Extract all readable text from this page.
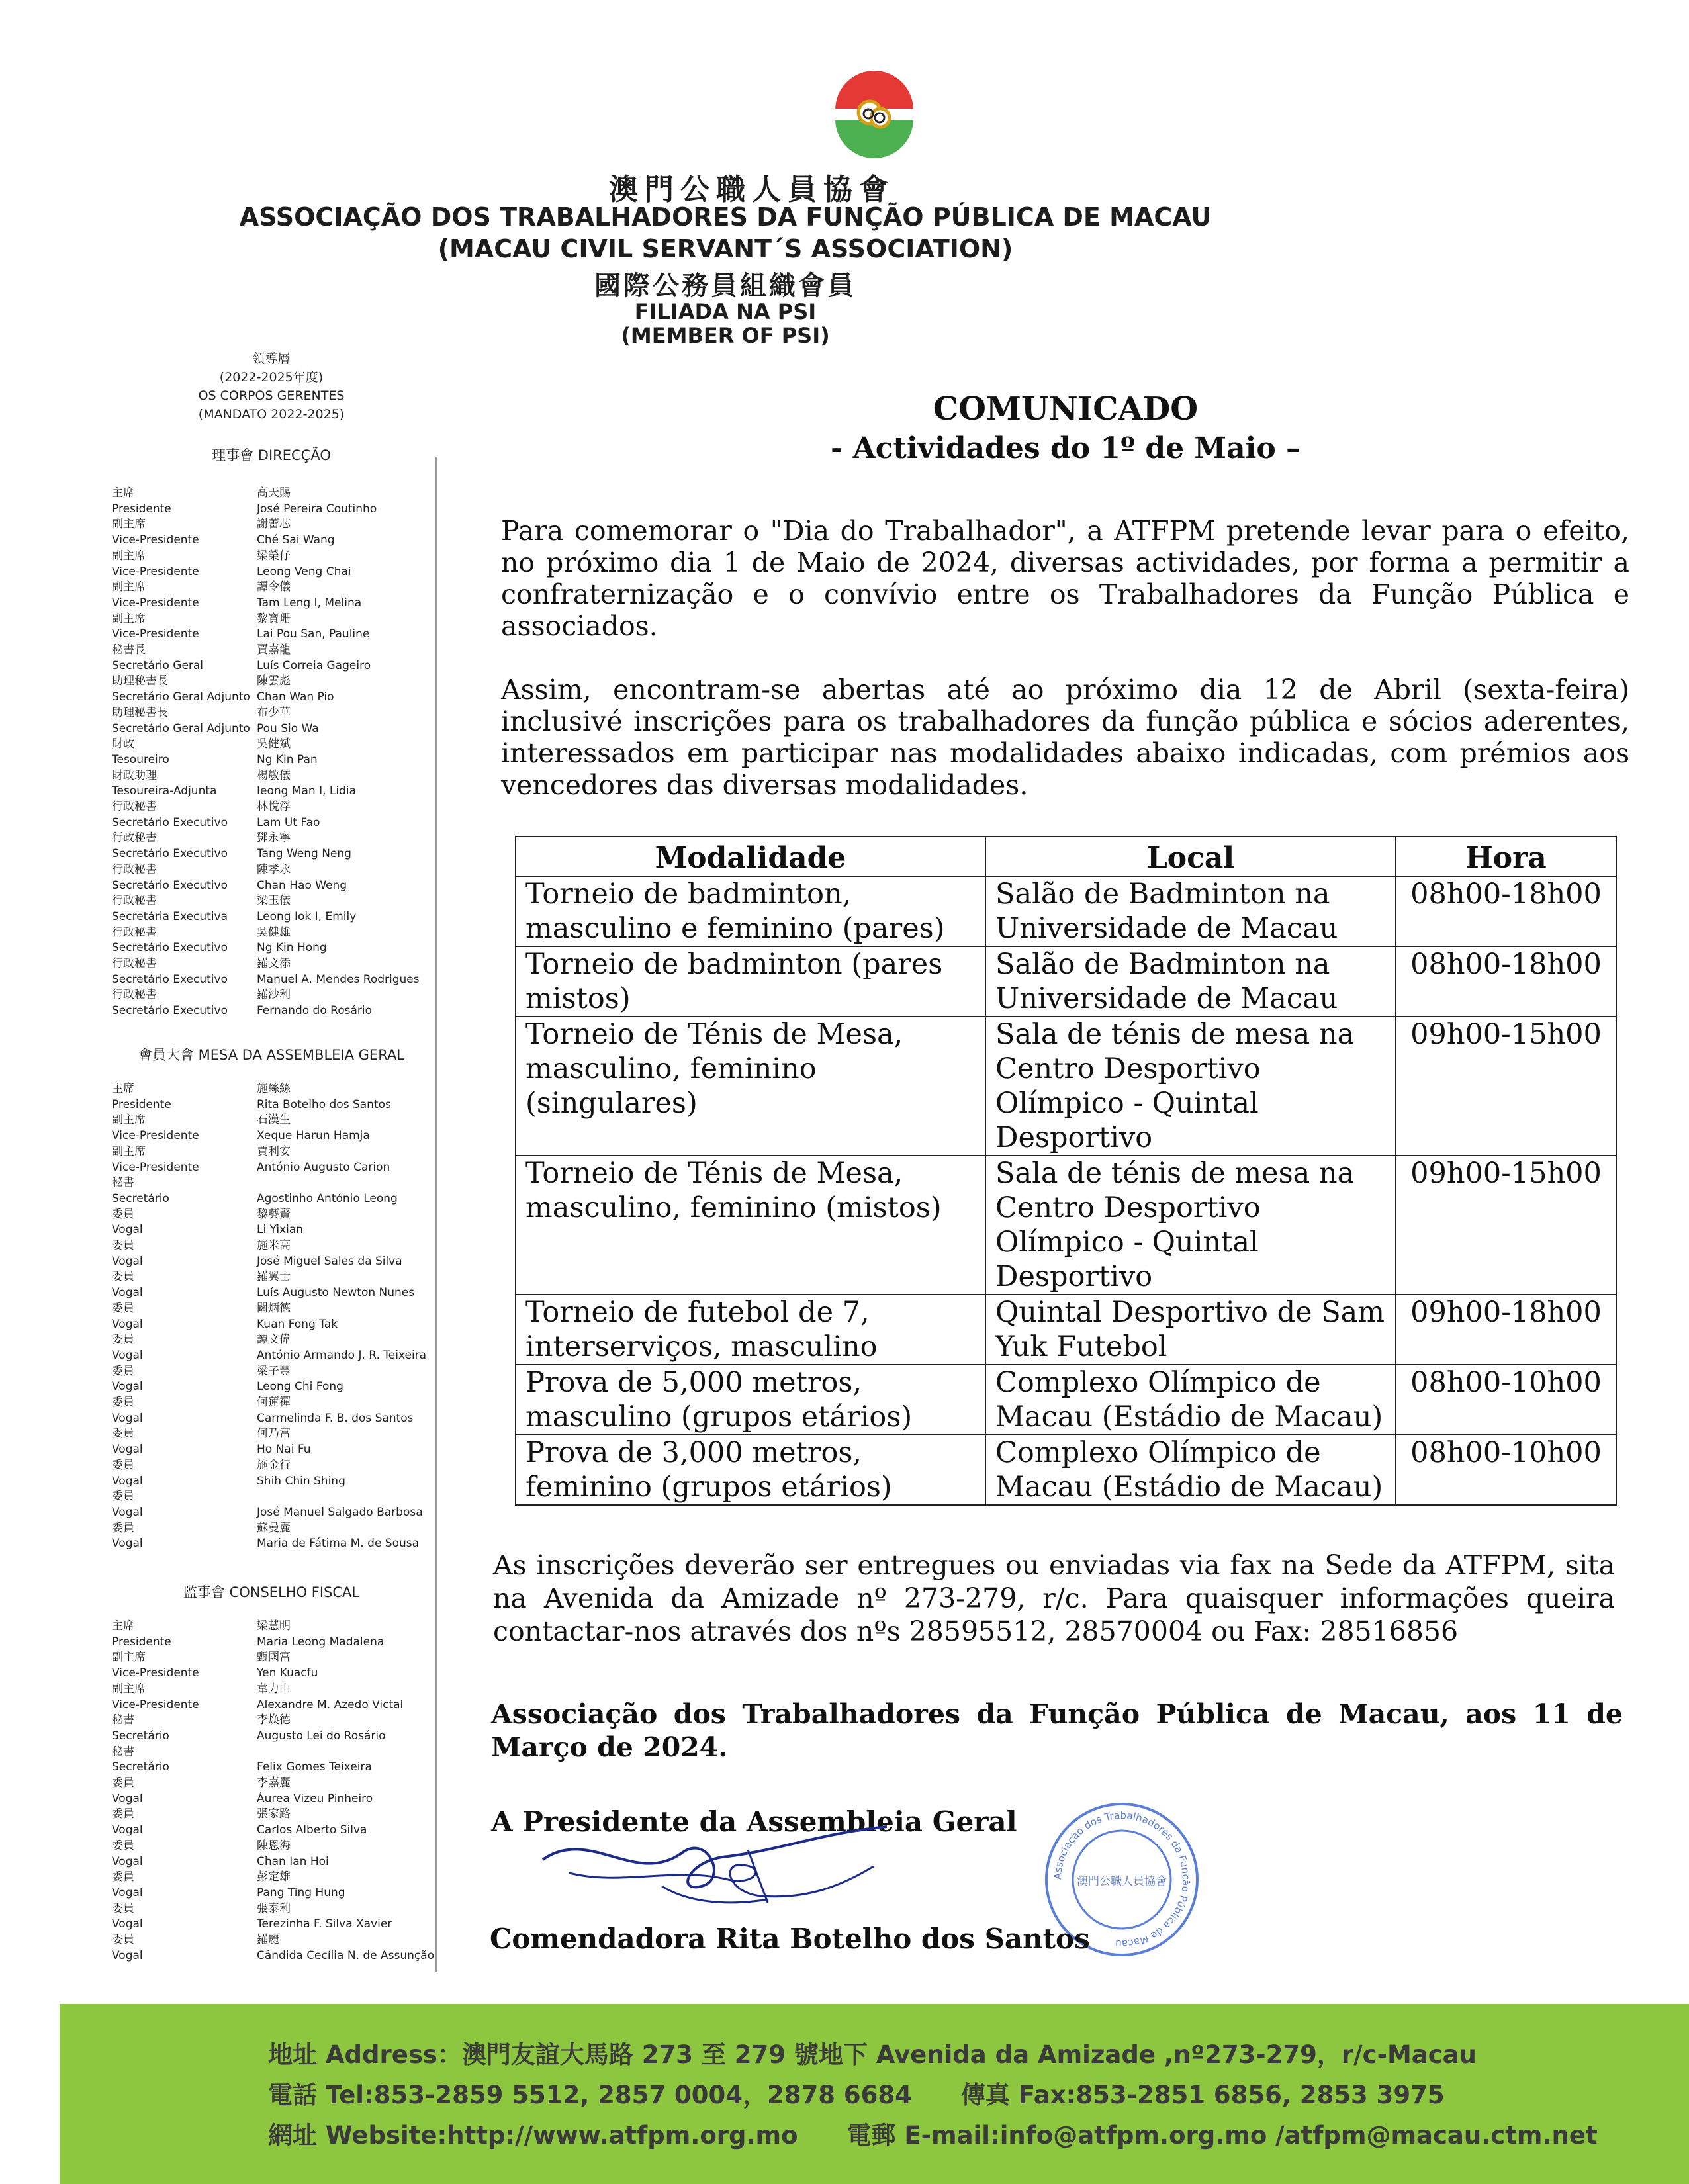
澳門公職人員協會
ASSOCIAÇÃO DOS TRABALHADORES DA FUNÇÃO PÚBLICA DE MACAU
(MACAU CIVIL SERVANT´S ASSOCIATION)
國際公務員組織會員
FILIADA NA PSI
(MEMBER OF PSI)
領導層
(2022-2025年度)
OS CORPOS GERENTES
(MANDATO 2022-2025)
理事會 DIRECÇÃO
主席	高天賜
Presidente	José Pereira Coutinho
副主席	謝蕾芯
Vice-Presidente	Ché Sai Wang
副主席	梁榮仔
Vice-Presidente	Leong Veng Chai
副主席	譚令儀
Vice-Presidente	Tam Leng I, Melina
副主席	黎寶珊
Vice-Presidente	Lai Pou San, Pauline
秘書長	賈嘉龍
Secretário Geral	Luís Correia Gageiro
助理秘書長	陳雲彪
Secretário Geral Adjunto Chan Wan Pio
助理秘書長	布少華
Secretário Geral Adjunto Pou Sio Wa
財政	吳健斌
Tesoureiro	Ng Kin Pan
財政助理	楊敏儀
Tesoureira-Adjunta	Ieong Man I, Lidia
行政秘書	林悅浮
Secretário Executivo	Lam Ut Fao
行政秘書	鄧永寧
Secretário Executivo	Tang Weng Neng
行政秘書	陳孝永
Secretário Executivo	Chan Hao Weng
行政秘書	梁玉儀
Secretária Executiva	Leong Iok I, Emily
行政秘書	吳健雄
Secretário Executivo	Ng Kin Hong
行政秘書	羅文添
Secretário Executivo	Manuel A. Mendes Rodrigues
行政秘書	羅沙利
Secretário Executivo	Fernando do Rosário
會員大會 MESA DA ASSEMBLEIA GERAL
主席	施絲絲
Presidente	Rita Botelho dos Santos
副主席	石漢生
Vice-Presidente	Xeque Harun Hamja
副主席	賈利安
Vice-Presidente	António Augusto Carion
秘書
Secretário	Agostinho António Leong
委員	黎藝賢
Vogal	Li Yixian
委員	施米高
Vogal	José Miguel Sales da Silva
委員	羅翼士
Vogal	Luís Augusto Newton Nunes
委員	關炳德
Vogal	Kuan Fong Tak
委員	譚文偉
Vogal	António Armando J. R. Teixeira
委員	梁子豐
Vogal	Leong Chi Fong
委員	何蓮禪
Vogal	Carmelinda F. B. dos Santos
委員	何乃富
Vogal	Ho Nai Fu
委員	施金行
Vogal	Shih Chin Shing
委員
Vogal	José Manuel Salgado Barbosa
委員	蘇曼麗
Vogal	Maria de Fátima M. de Sousa
監事會 CONSELHO FISCAL
主席	梁慧明
Presidente	Maria Leong Madalena
副主席	甄國富
Vice-Presidente	Yen Kuacfu
副主席	韋力山
Vice-Presidente	Alexandre M. Azedo Victal
秘書	李焕德
Secretário	Augusto Lei do Rosário
秘書
Secretário	Felix Gomes Teixeira
委員	李嘉麗
Vogal	Áurea Vizeu Pinheiro
委員	張家路
Vogal	Carlos Alberto Silva
委員	陳恩海
Vogal	Chan Ian Hoi
委員	彭定雄
Vogal	Pang Ting Hung
委員	張泰利
Vogal	Terezinha F. Silva Xavier
委員	羅麗
Vogal	Cândida Cecília N. de Assunção
COMUNICADO
- Actividades do 1º de Maio –
Para comemorar o "Dia do Trabalhador", a ATFPM pretende levar para o efeito, no próximo dia 1 de Maio de 2024, diversas actividades, por forma a permitir a confraternização e o convívio entre os Trabalhadores da Função Pública e associados.
Assim, encontram-se abertas até ao próximo dia 12 de Abril (sexta-feira) inclusivé inscrições para os trabalhadores da função pública e sócios aderentes, interessados em participar nas modalidades abaixo indicadas, com prémios aos vencedores das diversas modalidades.
Modalidade	Local	Hora
Torneio de badminton, masculino e feminino (pares)	Salão de Badminton na Universidade de Macau	08h00-18h00
Torneio de badminton (pares mistos)	Salão de Badminton na Universidade de Macau	08h00-18h00
Torneio de Ténis de Mesa, masculino, feminino (singulares)	Sala de ténis de mesa na Centro Desportivo Olímpico - Quintal Desportivo	09h00-15h00
Torneio de Ténis de Mesa, masculino, feminino (mistos)	Sala de ténis de mesa na Centro Desportivo Olímpico - Quintal Desportivo	09h00-15h00
Torneio de futebol de 7, interserviços, masculino	Quintal Desportivo de Sam Yuk Futebol	09h00-18h00
Prova de 5,000 metros, masculino (grupos etários)	Complexo Olímpico de Macau (Estádio de Macau)	08h00-10h00
Prova de 3,000 metros, feminino (grupos etários)	Complexo Olímpico de Macau (Estádio de Macau)	08h00-10h00
As inscrições deverão ser entregues ou enviadas via fax na Sede da ATFPM, sita na Avenida da Amizade nº 273-279, r/c. Para quaisquer informações queira contactar-nos através dos nºs 28595512, 28570004 ou Fax: 28516856
Associação dos Trabalhadores da Função Pública de Macau, aos 11 de Março de 2024.
A Presidente da Assembleia Geral
Associação dos Trabalhadores da Função Pública de Macau
澳門公職人員協會
Comendadora Rita Botelho dos Santos
地址 Address：澳門友誼大馬路 273 至 279 號地下 Avenida da Amizade ,nº273-279，r/c-Macau
電話 Tel:853-2859 5512, 2857 0004，2878 6684　　傳真 Fax:853-2851 6856, 2853 3975
網址 Website:http://www.atfpm.org.mo　　電郵 E-mail:info@atfpm.org.mo /atfpm@macau.ctm.net
